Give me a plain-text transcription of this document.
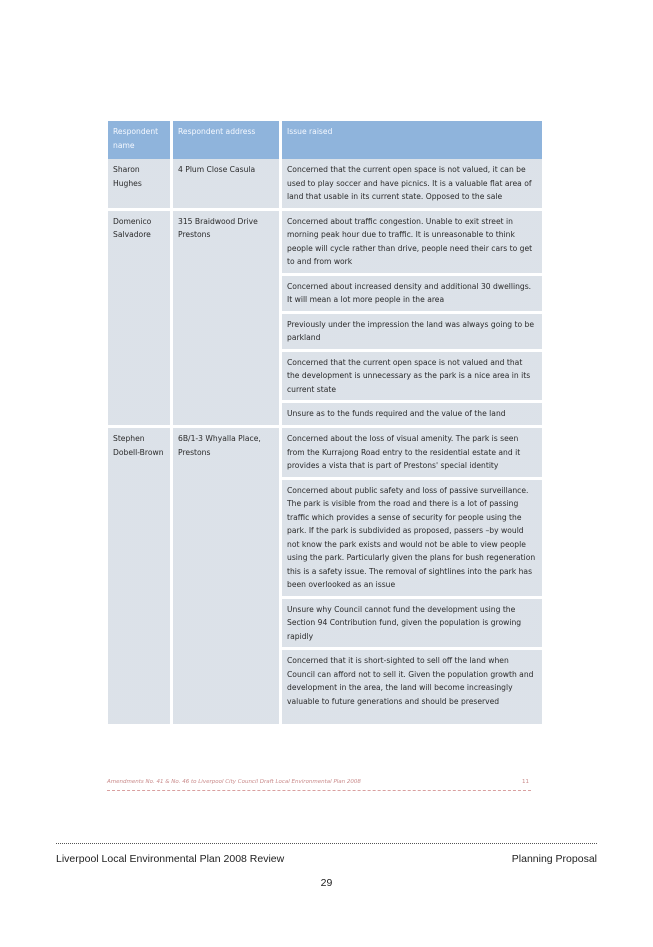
Respondent name	Respondent address	Issue raised
Sharon Hughes	4 Plum Close Casula	Concerned that the current open space is not valued, it can be used to play soccer and have picnics. It is a valuable flat area of land that usable in its current state. Opposed to the sale
Domenico Salvadore	315 Braidwood Drive Prestons	Concerned about traffic congestion. Unable to exit street in morning peak hour due to traffic. It is unreasonable to think people will cycle rather than drive, people need their cars to get to and from work
		Concerned about increased density and additional 30 dwellings. It will mean a lot more people in the area
		Previously under the impression the land was always going to be parkland
		Concerned that the current open space is not valued and that the development is unnecessary as the park is a nice area in its current state
		Unsure as to the funds required and the value of the land
Stephen Dobell-Brown	6B/1-3 Whyalla Place, Prestons	Concerned about the loss of visual amenity. The park is seen from the Kurrajong Road entry to the residential estate and it provides a vista that is part of Prestons' special identity
		Concerned about public safety and loss of passive surveillance. The park is visible from the road and there is a lot of passing traffic which provides a sense of security for people using the park. If the park is subdivided as proposed, passers –by would not know the park exists and would not be able to view people using the park. Particularly given the plans for bush regeneration this is a safety issue. The removal of sightlines into the park has been overlooked as an issue
		Unsure why Council cannot fund the development using the Section 94 Contribution fund, given the population is growing rapidly
		Concerned that it is short-sighted to sell off the land when Council can afford not to sell it. Given the population growth and development in the area, the land will become increasingly valuable to future generations and should be preserved
Amendments No. 41 & No. 46 to Liverpool City Council Draft Local Environmental Plan 2008	11
Liverpool Local Environmental Plan 2008 Review	Planning Proposal
29
